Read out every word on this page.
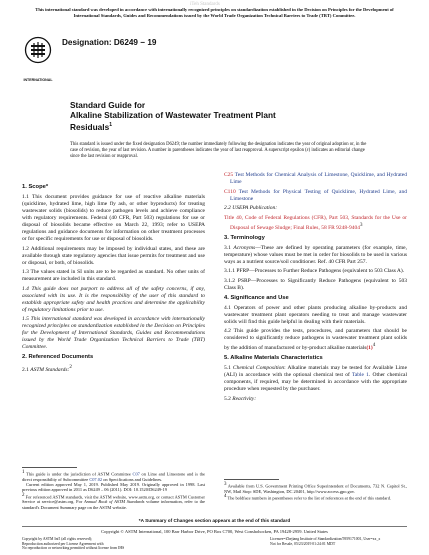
iTeh Standards
This international standard was developed in accordance with internationally recognized principles on standardization established in the Decision on Principles for the Development of International Standards, Guides and Recommendations issued by the World Trade Organization Technical Barriers to Trade (TBT) Committee.
INTERNATIONAL
Designation: D6249 − 19
Standard Guide for
Alkaline Stabilization of Wastewater Treatment Plant
Residuals$^1$
This standard is issued under the fixed designation D6249; the number immediately following the designation indicates the year of original adoption or, in the case of revision, the year of last revision. A number in parentheses indicates the year of last reapproval. A superscript epsilon (ε) indicates an editorial change since the last revision or reapproval.

1. Scope*

1.1 This document provides guidance for use of reactive alkaline materials (quicklime, hydrated lime, high lime fly ash, or other byproducts) for treating wastewater solids (biosolids) to reduce pathogen levels and achieve compliance with regulatory requirements. Federal (40 CFR, Part 503) regulations for use or disposal of biosolids became effective on March 22, 1993; refer to USEPA regulations and guidance documents for information on other treatment processes or for specific requirements for use or disposal of biosolids.

1.2 Additional requirements may be imposed by individual states, and these are available through state regulatory agencies that issue permits for treatment and use or disposal, or both, of biosolids.

1.3 The values stated in SI units are to be regarded as standard. No other units of measurement are included in this standard.

1.4 This guide does not purport to address all of the safety concerns, if any, associated with its use. It is the responsibility of the user of this standard to establish appropriate safety and health practices and determine the applicability of regulatory limitations prior to use.

1.5 This international standard was developed in accordance with internationally recognized principles on standardization established in the Decision on Principles for the Development of International Standards, Guides and Recommendations issued by the World Trade Organization Technical Barriers to Trade (TBT) Committee.

2. Referenced Documents

2.1 ASTM Standards:2

1 This guide is under the jurisdiction of ASTM Committee C07 on Lime and Limestone and is the direct responsibility of Subcommittee C07.02 on Specifications and Guidelines.
Current edition approved May 1, 2019. Published May 2019. Originally approved in 1998. Last previous edition approved in 2011 as D6249 – 06 (2011). DOI: 10.1520/D6249-19
2 For referenced ASTM standards, visit the ASTM website, www.astm.org, or contact ASTM Customer Service at service@astm.org. For Annual Book of ASTM Standards volume information, refer to the standard's Document Summary page on the ASTM website.

C25 Test Methods for Chemical Analysis of Limestone, Quicklime, and Hydrated Lime

C110 Test Methods for Physical Testing of Quicklime, Hydrated Lime, and Limestone

2.2 USEPA Publication:

Title 40, Code of Federal Regulations (CFR), Part 503, Standards for the Use or Disposal of Sewage Sludge; Final Rules, 58 FR 9248-94043

3. Terminology

3.1 Acronyms—These are defined by operating parameters (for example, time, temperature) whose values must be met in order for biosolids to be used in various ways as a nutrient source/soil conditioner. Ref. 40 CFR Part 257.

3.1.1 PFRP—Processes to Further Reduce Pathogens (equivalent to 503 Class A).

3.1.2 PSRP—Processes to Significantly Reduce Pathogens (equivalent to 503 Class B).

4. Significance and Use

4.1 Operators of power and other plants producing alkaline by-products and wastewater treatment plant operators needing to treat and manage wastewater solids will find this guide helpful in dealing with their materials.

4.2 This guide provides the tests, procedures, and parameters that should be considered to significantly reduce pathogens in wastewater treatment plant solids by the addition of manufactured or by-product alkaline materials(1)4

5. Alkaline Materials Characteristics

5.1 Chemical Composition: Alkaline materials may be tested for Available Lime (ALI) in accordance with the optional chemical test of Table 1. Other chemical components, if required, may be determined in accordance with the appropriate procedure when requested by the purchaser.

5.2 Reactivity:

3 Available from U.S. Government Printing Office Superintendent of Documents, 732 N. Capitol St., NW, Mail Stop: SDE, Washington, DC 20401, http://www.access.gpo.gov.
4 The boldface numbers in parentheses refer to the list of references at the end of this standard.
*A Summary of Changes section appears at the end of this standard
Copyright © ASTM International, 100 Barr Harbor Drive, PO Box C700, West Conshohocken, PA 19428-2959. United States
Copyright by ASTM Int'l (all rights reserved);
Reproduction authorized per License Agreement with
No reproduction or networking permitted without license from IHS
Licensee=Zhejiang Institute of Standardization/5959171001, User=xx_x
Not for Resale, 05/23/2019 01:24:01 MDT
